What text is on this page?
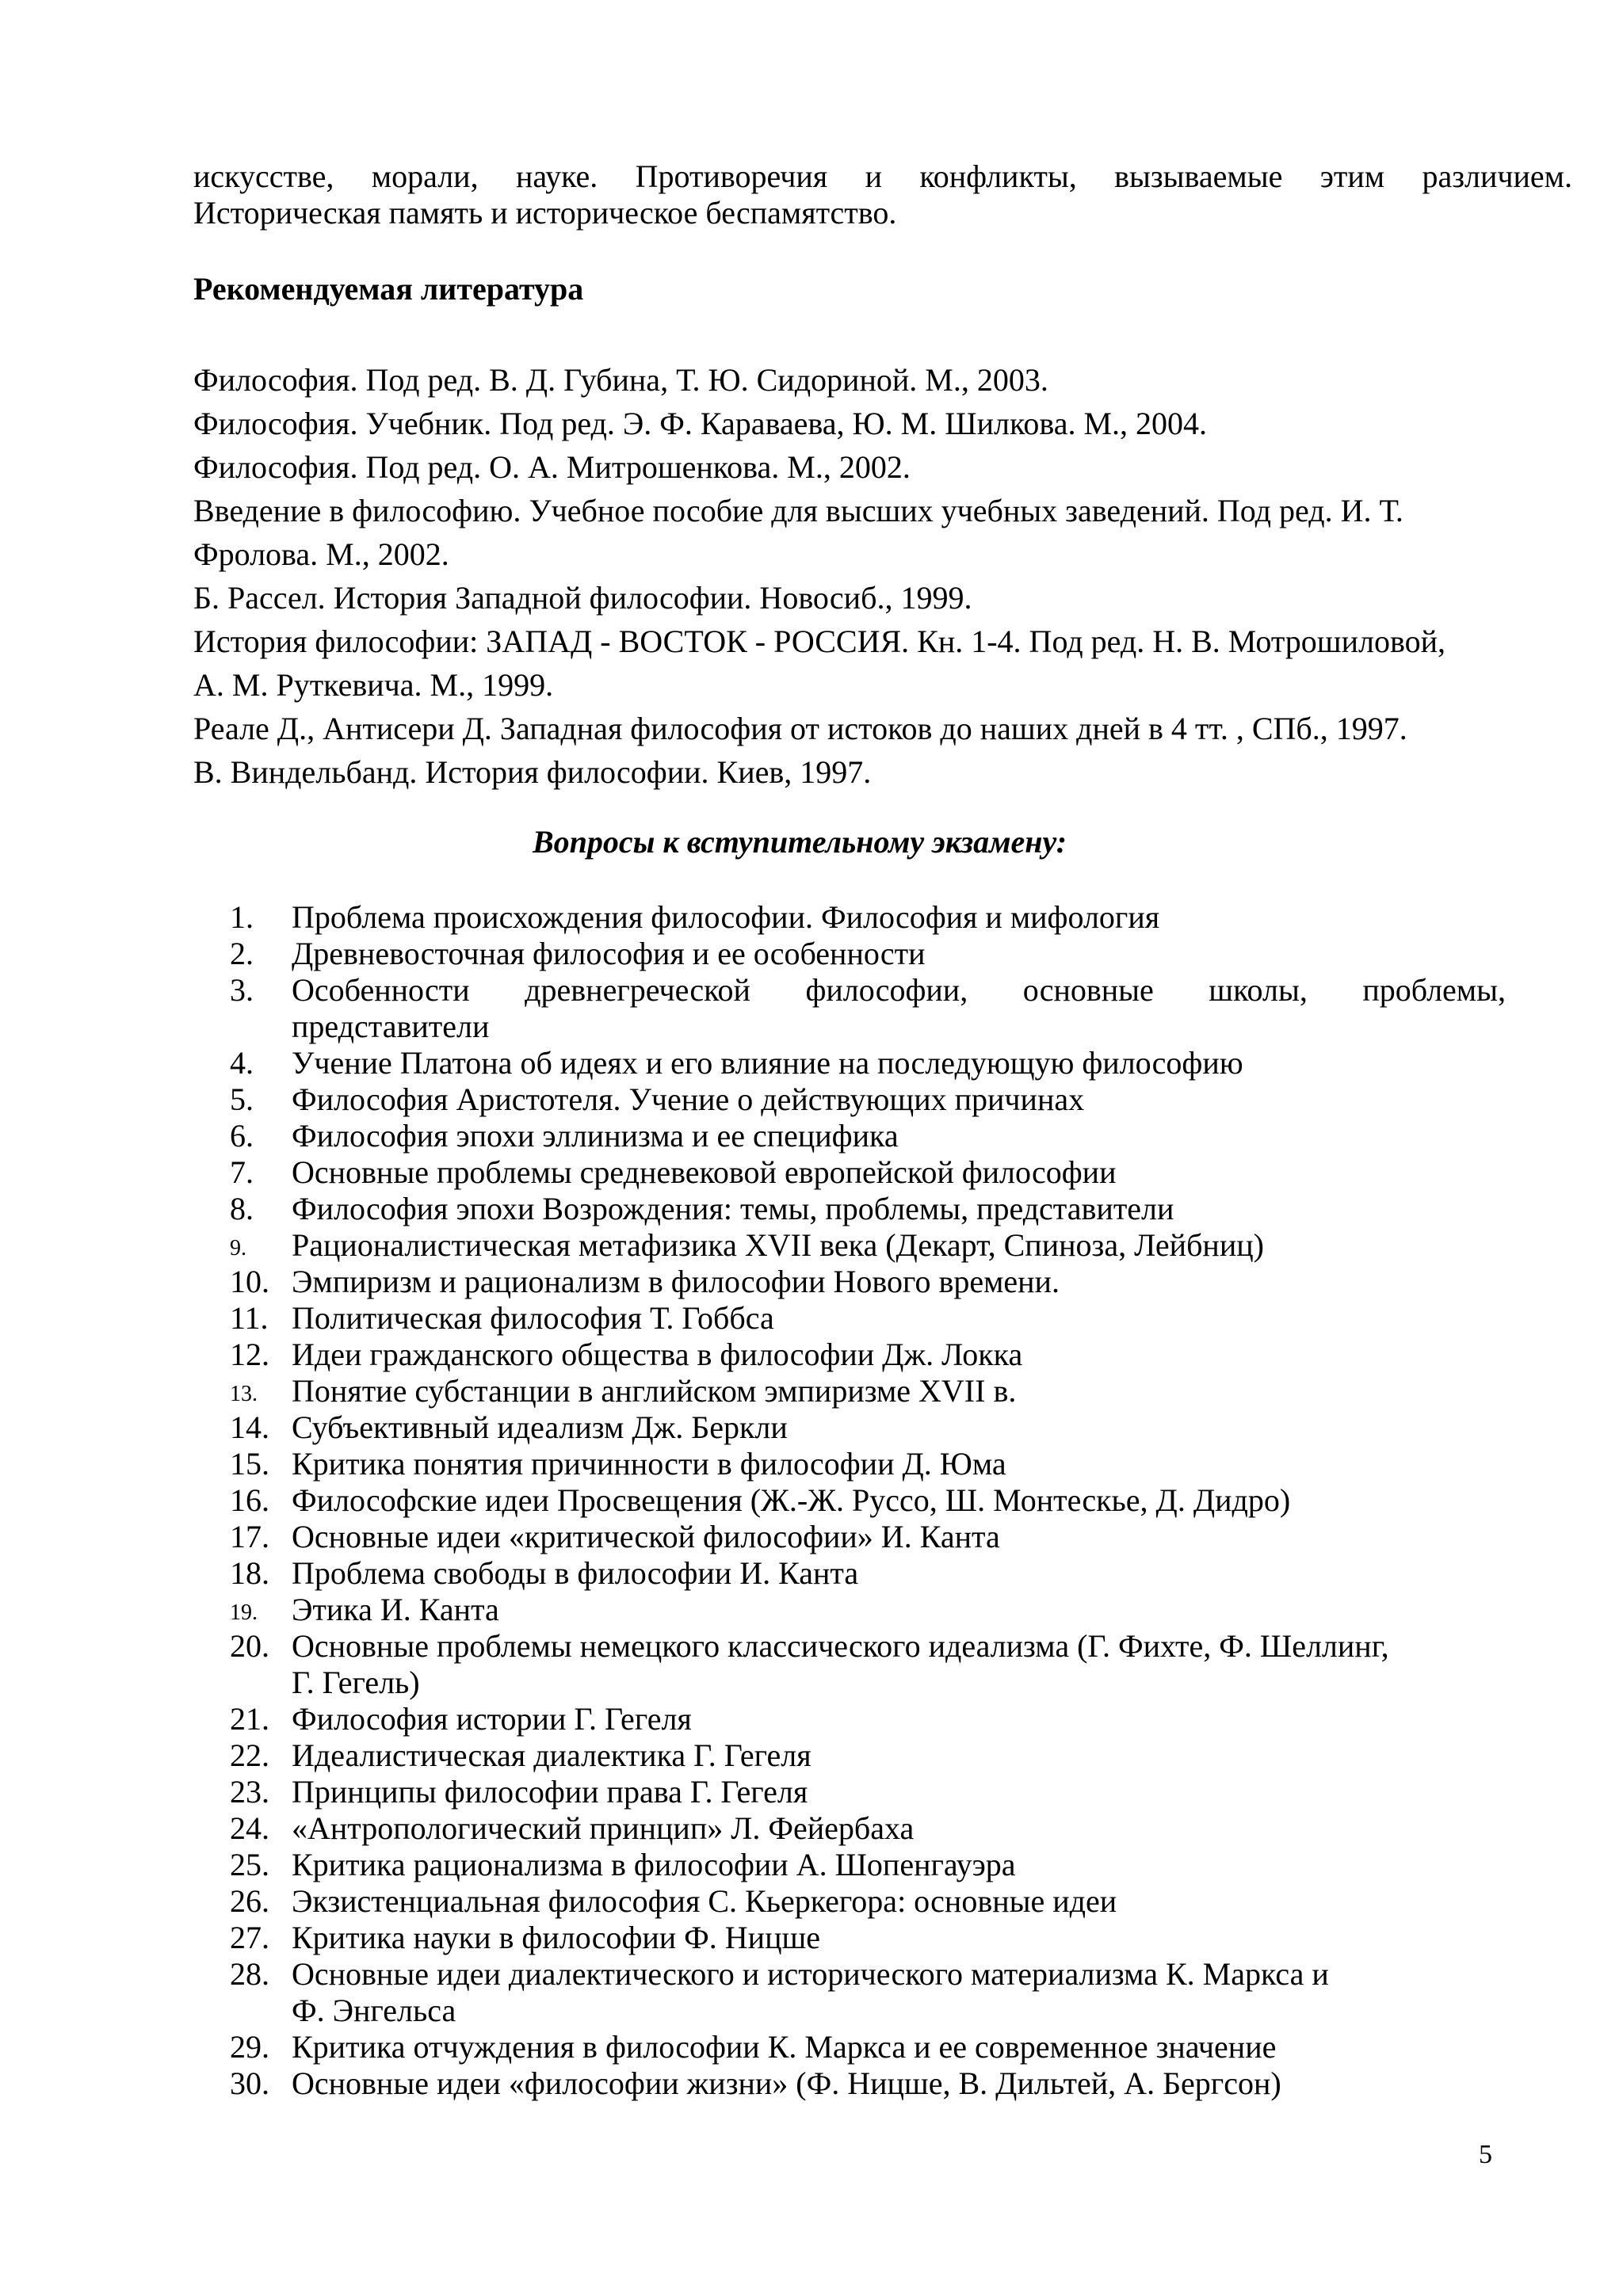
искусстве, морали, науке. Противоречия и конфликты, вызываемые этим различием.
Историческая память и историческое беспамятство.
Рекомендуемая литература
Философия. Под ред. В. Д. Губина, Т. Ю. Сидориной. М., 2003.
Философия. Учебник. Под ред. Э. Ф. Караваева, Ю. М. Шилкова. М., 2004.
Философия. Под ред. О. А. Митрошенкова. М., 2002.
Введение в философию. Учебное пособие для высших учебных заведений. Под ред. И. Т.
Фролова. М., 2002.
Б. Рассел. История Западной философии. Новосиб., 1999.
История философии: ЗАПАД - ВОСТОК - РОССИЯ. Кн. 1-4. Под ред. Н. В. Мотрошиловой,
А. М. Руткевича. М., 1999.
Реале Д., Антисери Д. Западная философия от истоков до наших дней в 4 тт. , СПб., 1997.
В. Виндельбанд. История философии. Киев, 1997.
Вопросы к вступительному экзамену:
1.	Проблема происхождения философии. Философия и мифология
2.	Древневосточная философия и ее особенности
3.	Особенности древнегреческой философии, основные школы, проблемы,
представители
4.	Учение Платона об идеях и его влияние на последующую философию
5.	Философия Аристотеля. Учение о действующих причинах
6.	Философия эпохи эллинизма и ее специфика
7.	Основные проблемы средневековой европейской философии
8.	Философия эпохи Возрождения: темы, проблемы, представители
9.	Рационалистическая метафизика XVII века (Декарт, Спиноза, Лейбниц)
10. Эмпиризм и рационализм в философии Нового времени.
11. Политическая философия Т. Гоббса
12. Идеи гражданского общества в философии Дж. Локка
13.	Понятие субстанции в английском эмпиризме XVII в.
14. Субъективный идеализм Дж. Беркли
15. Критика понятия причинности в философии Д. Юма
16. Философские идеи Просвещения (Ж.-Ж. Руссо, Ш. Монтескье, Д. Дидро)
17. Основные идеи «критической философии» И. Канта
18. Проблема свободы в философии И. Канта
19.	Этика И. Канта
20. Основные проблемы немецкого классического идеализма (Г. Фихте, Ф. Шеллинг,
Г. Гегель)
21. Философия истории Г. Гегеля
22. Идеалистическая диалектика Г. Гегеля
23. Принципы философии права Г. Гегеля
24. «Антропологический принцип» Л. Фейербаха
25. Критика рационализма в философии А. Шопенгауэра
26. Экзистенциальная философия С. Кьеркегора: основные идеи
27. Критика науки в философии Ф. Ницше
28. Основные идеи диалектического и исторического материализма К. Маркса и
Ф. Энгельса
29. Критика отчуждения в философии К. Маркса и ее современное значение
30. Основные идеи «философии жизни» (Ф. Ницше, В. Дильтей, А. Бергсон)
5
